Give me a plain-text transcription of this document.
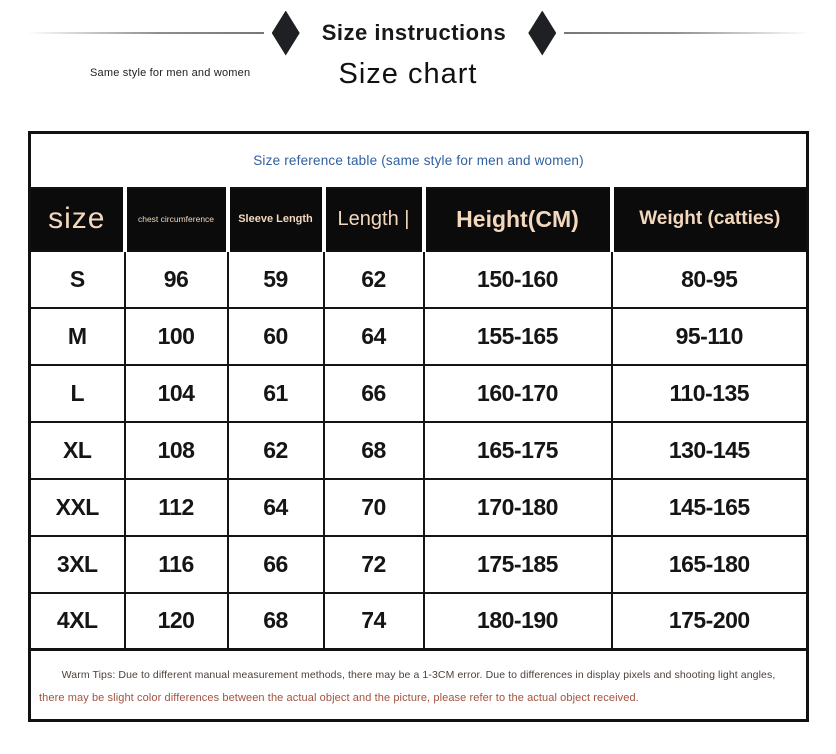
Size instructions
Same style for men and women	Size chart
Size reference table (same style for men and women)					
size	chest circumference	Sleeve Length	Length |	Height(CM)	Weight (catties)
S	96	59	62	150-160	80-95
M	100	60	64	155-165	95-110
L	104	61	66	160-170	110-135
XL	108	62	68	165-175	130-145
XXL	112	64	70	170-180	145-165
3XL	116	66	72	175-185	165-180
4XL	120	68	74	180-190	175-200

Warm Tips: Due to different manual measurement methods, there may be a 1-3CM error. Due to differences in display pixels and shooting light angles,
there may be slight color differences between the actual object and the picture, please refer to the actual object received.					
